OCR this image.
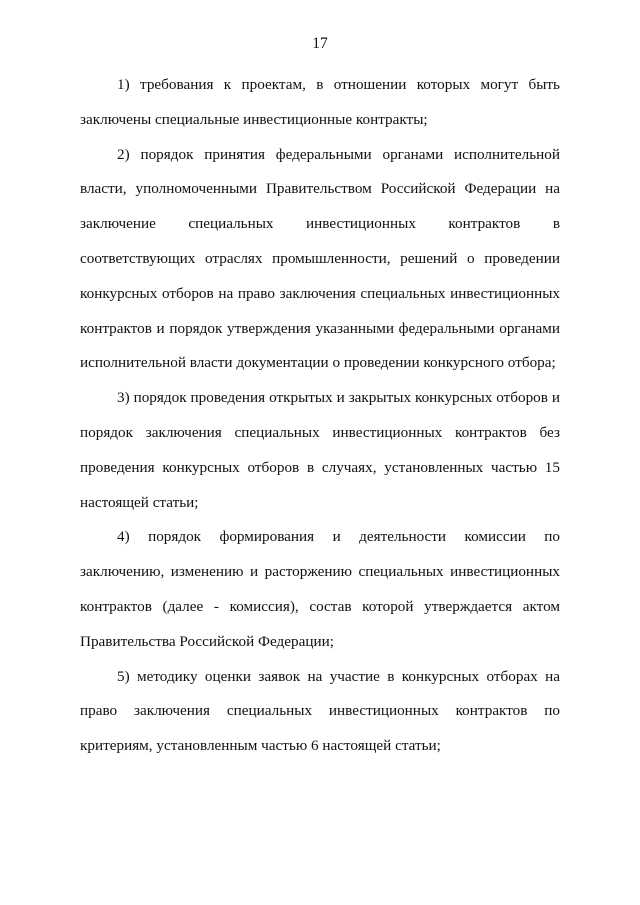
17

1) требования к проектам, в отношении которых могут быть заключены специальные инвестиционные контракты;

2) порядок принятия федеральными органами исполнительной власти, уполномоченными Правительством Российской Федерации на заключение специальных инвестиционных контрактов в соответствующих отраслях промышленности, решений о проведении конкурсных отборов на право заключения специальных инвестиционных контрактов и порядок утверждения указанными федеральными органами исполнительной власти документации о проведении конкурсного отбора;

3) порядок проведения открытых и закрытых конкурсных отборов и порядок заключения специальных инвестиционных контрактов без проведения конкурсных отборов в случаях, установленных частью 15 настоящей статьи;

4) порядок формирования и деятельности комиссии по заключению, изменению и расторжению специальных инвестиционных контрактов (далее - комиссия), состав которой утверждается актом Правительства Российской Федерации;

5) методику оценки заявок на участие в конкурсных отборах на право заключения специальных инвестиционных контрактов по критериям, установленным частью 6 настоящей статьи;
